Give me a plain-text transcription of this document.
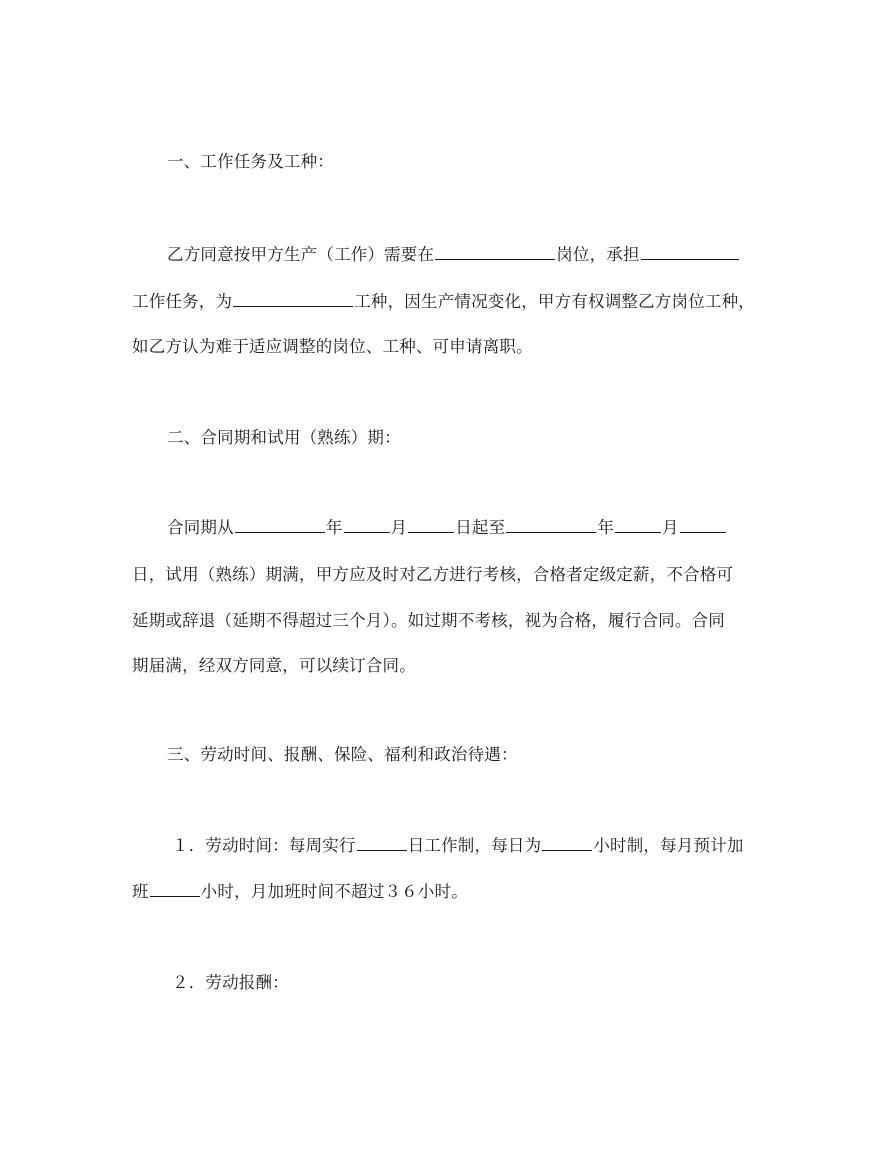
一、工作任务及工种：
乙方同意按甲方生产（工作）需要在	岗位，承担
工作任务，为	工种，因生产情况变化，甲方有权调整乙方岗位工种，
如乙方认为难于适应调整的岗位、工种、可申请离职。
二、合同期和试用（熟练）期：
合同期从	年	月	日起至	年	月
日，试用（熟练）期满，甲方应及时对乙方进行考核，合格者定级定薪，不合格可
延期或辞退（延期不得超过三个月）。如过期不考核，视为合格，履行合同。合同
期届满，经双方同意，可以续订合同。
三、劳动时间、报酬、保险、福利和政治待遇：
１．劳动时间：每周实行	日工作制，每日为	小时制，每月预计加
班	小时，月加班时间不超过３６小时。
２．劳动报酬：
